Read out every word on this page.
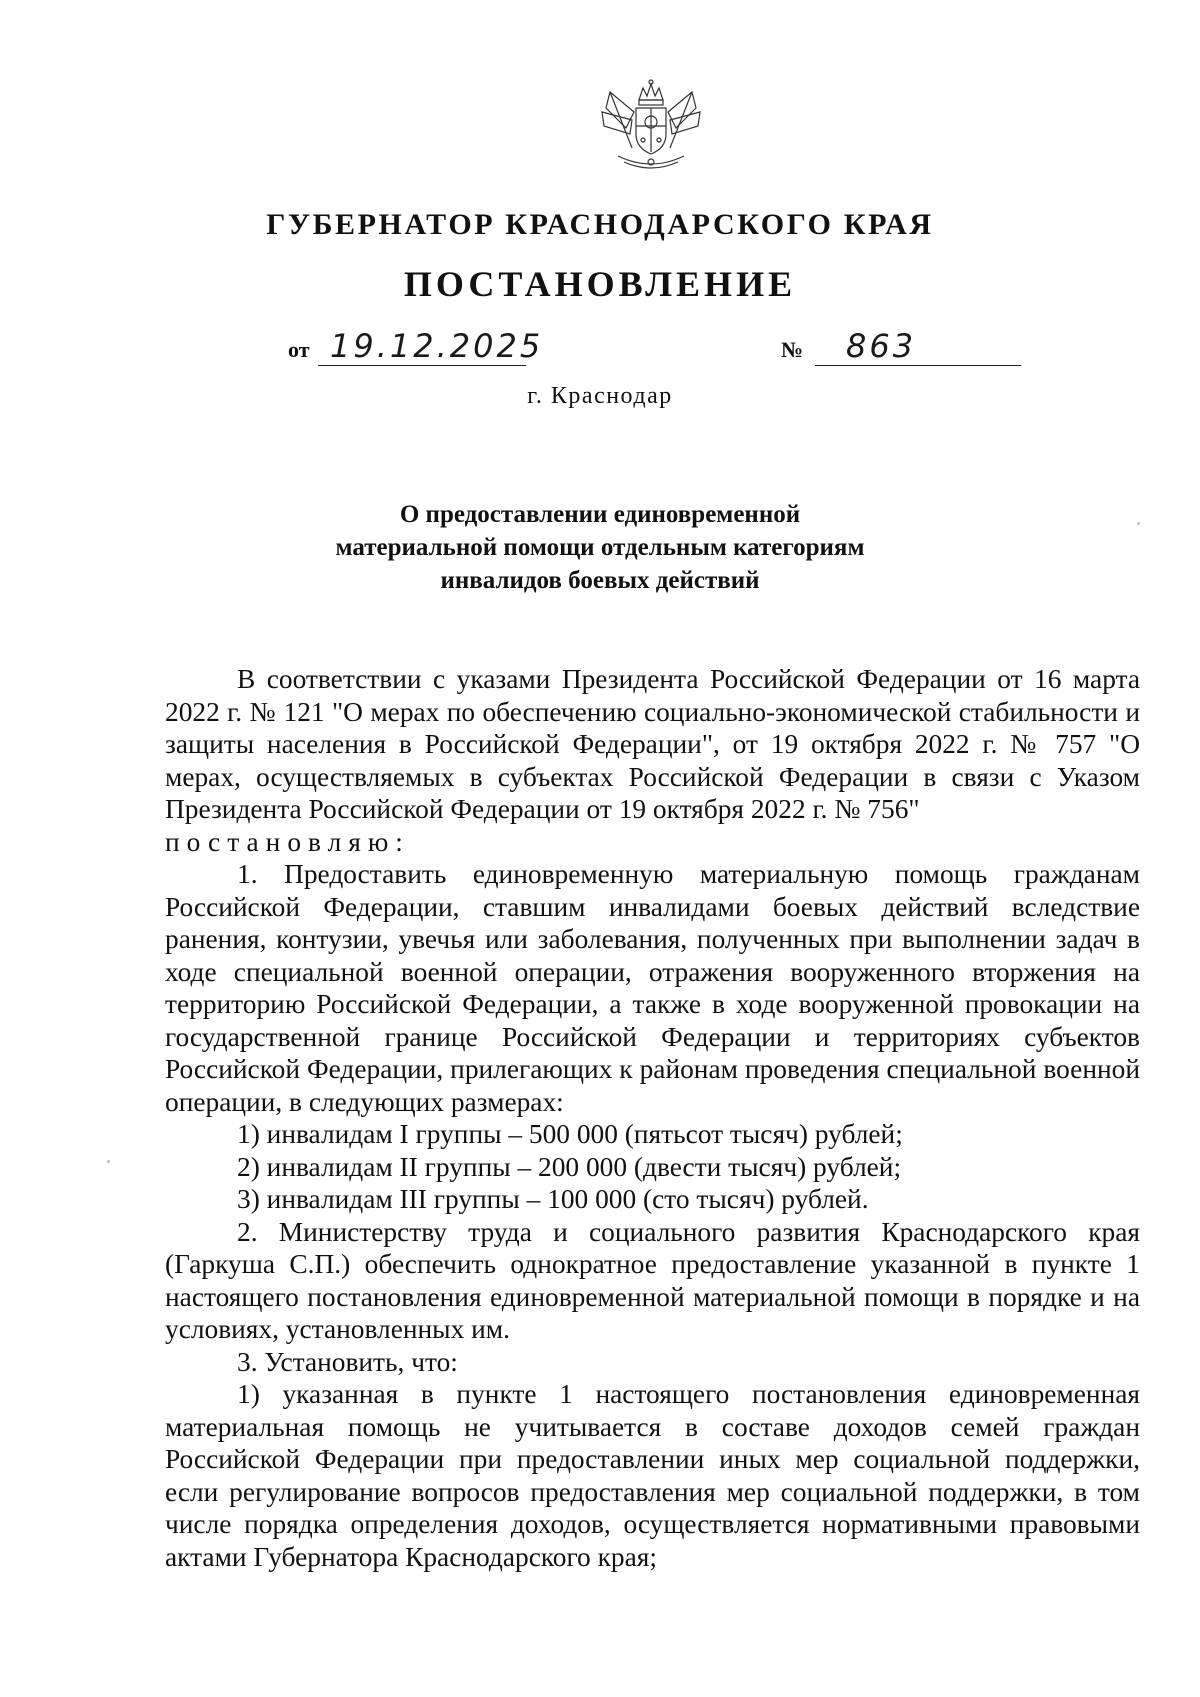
ГУБЕРНАТОР КРАСНОДАРСКОГО КРАЯ
ПОСТАНОВЛЕНИЕ
от 19.12.2025	№ 863
г. Краснодар
О предоставлении единовременной
материальной помощи отдельным категориям
инвалидов боевых действий

В соответствии с указами Президента Российской Федерации от 16 марта 2022 г. № 121 "О мерах по обеспечению социально-экономической стабильности и защиты населения в Российской Федерации", от 19 октября 2022 г. № 757 "О мерах, осуществляемых в субъектах Российской Федерации в связи с Указом Президента Российской Федерации от 19 октября 2022 г. № 756"

постановляю:

1. Предоставить единовременную материальную помощь гражданам Российской Федерации, ставшим инвалидами боевых действий вследствие ранения, контузии, увечья или заболевания, полученных при выполнении задач в ходе специальной военной операции, отражения вооруженного вторжения на территорию Российской Федерации, а также в ходе вооруженной провокации на государственной границе Российской Федерации и территориях субъектов Российской Федерации, прилегающих к районам проведения специальной военной операции, в следующих размерах:

1) инвалидам I группы – 500 000 (пятьсот тысяч) рублей;

2) инвалидам II группы – 200 000 (двести тысяч) рублей;

3) инвалидам III группы – 100 000 (сто тысяч) рублей.

2. Министерству труда и социального развития Краснодарского края (Гаркуша С.П.) обеспечить однократное предоставление указанной в пункте 1 настоящего постановления единовременной материальной помощи в порядке и на условиях, установленных им.

3. Установить, что:

1) указанная в пункте 1 настоящего постановления единовременная материальная помощь не учитывается в составе доходов семей граждан Российской Федерации при предоставлении иных мер социальной поддержки, если регулирование вопросов предоставления мер социальной поддержки, в том числе порядка определения доходов, осуществляется нормативными правовыми актами Губернатора Краснодарского края;
